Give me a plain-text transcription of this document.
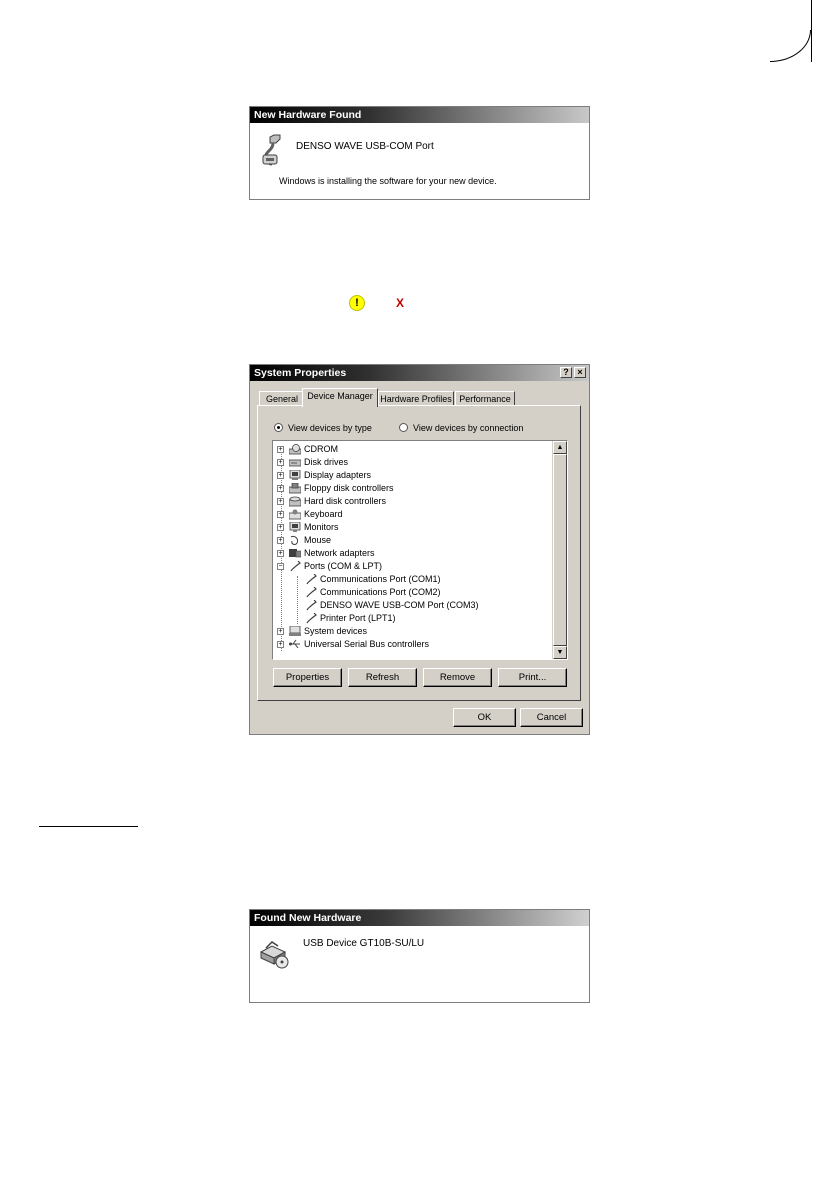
New Hardware Found
DENSO WAVE USB-COM Port
Windows is installing the software for your new device.
!	X
System Properties	? ×
General	Device Manager Hardware Profiles Performance
View devices by type	View devices by connection
+ CDROM
+ Disk drives
+ Display adapters
+ Floppy disk controllers
+ Hard disk controllers
+ Keyboard
+ Monitors
+ Mouse
+ Network adapters
− Ports (COM & LPT)
Communications Port (COM1)
Communications Port (COM2)
DENSO WAVE USB-COM Port (COM3)
Printer Port (LPT1)
+ System devices
+ Universal Serial Bus controllers
▲
▼
Properties	Refresh	Remove	Print...
OK	Cancel
Found New Hardware
USB Device GT10B-SU/LU
